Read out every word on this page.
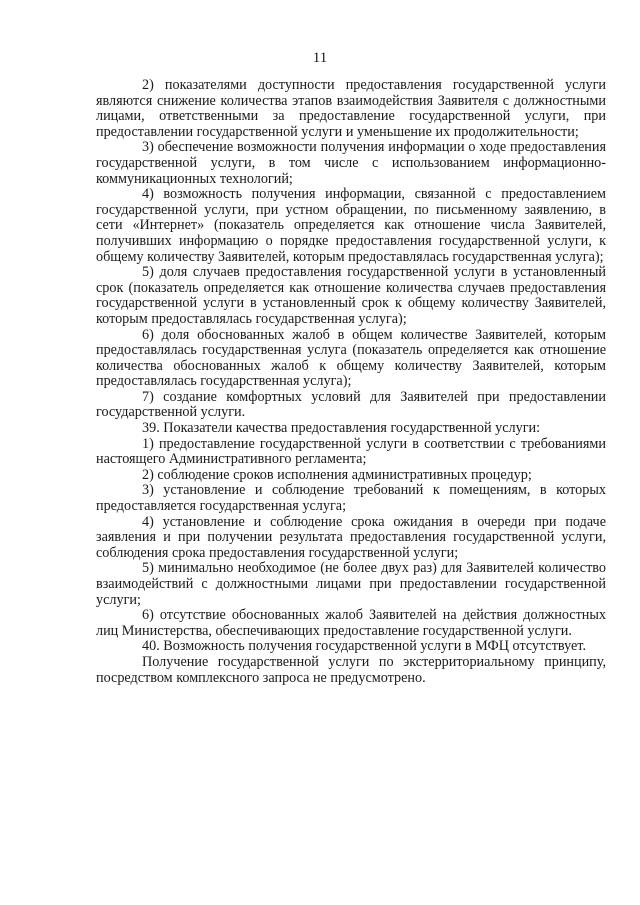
11

2) показателями доступности предоставления государственной услуги являются снижение количества этапов взаимодействия Заявителя с должностными лицами, ответственными за предоставление государственной услуги, при предоставлении государственной услуги и уменьшение их продолжительности;

3) обеспечение возможности получения информации о ходе предоставления государственной услуги, в том числе с использованием информационно-коммуникационных технологий;

4) возможность получения информации, связанной с предоставлением государственной услуги, при устном обращении, по письменному заявлению, в сети «Интернет» (показатель определяется как отношение числа Заявителей, получивших информацию о порядке предоставления государственной услуги, к общему количеству Заявителей, которым предоставлялась государственная услуга);

5) доля случаев предоставления государственной услуги в установленный срок (показатель определяется как отношение количества случаев предоставления государственной услуги в установленный срок к общему количеству Заявителей, которым предоставлялась государственная услуга);

6) доля обоснованных жалоб в общем количестве Заявителей, которым предоставлялась государственная услуга (показатель определяется как отношение количества обоснованных жалоб к общему количеству Заявителей, которым предоставлялась государственная услуга);

7) создание комфортных условий для Заявителей при предоставлении государственной услуги.

39. Показатели качества предоставления государственной услуги:

1) предоставление государственной услуги в соответствии с требованиями настоящего Административного регламента;

2) соблюдение сроков исполнения административных процедур;

3) установление и соблюдение требований к помещениям, в которых предоставляется государственная услуга;

4) установление и соблюдение срока ожидания в очереди при подаче заявления и при получении результата предоставления государственной услуги, соблюдения срока предоставления государственной услуги;

5) минимально необходимое (не более двух раз) для Заявителей количество взаимодействий с должностными лицами при предоставлении государственной услуги;

6) отсутствие обоснованных жалоб Заявителей на действия должностных лиц Министерства, обеспечивающих предоставление государственной услуги.

40. Возможность получения государственной услуги в МФЦ отсутствует.

Получение государственной услуги по экстерриториальному принципу, посредством комплексного запроса не предусмотрено.
